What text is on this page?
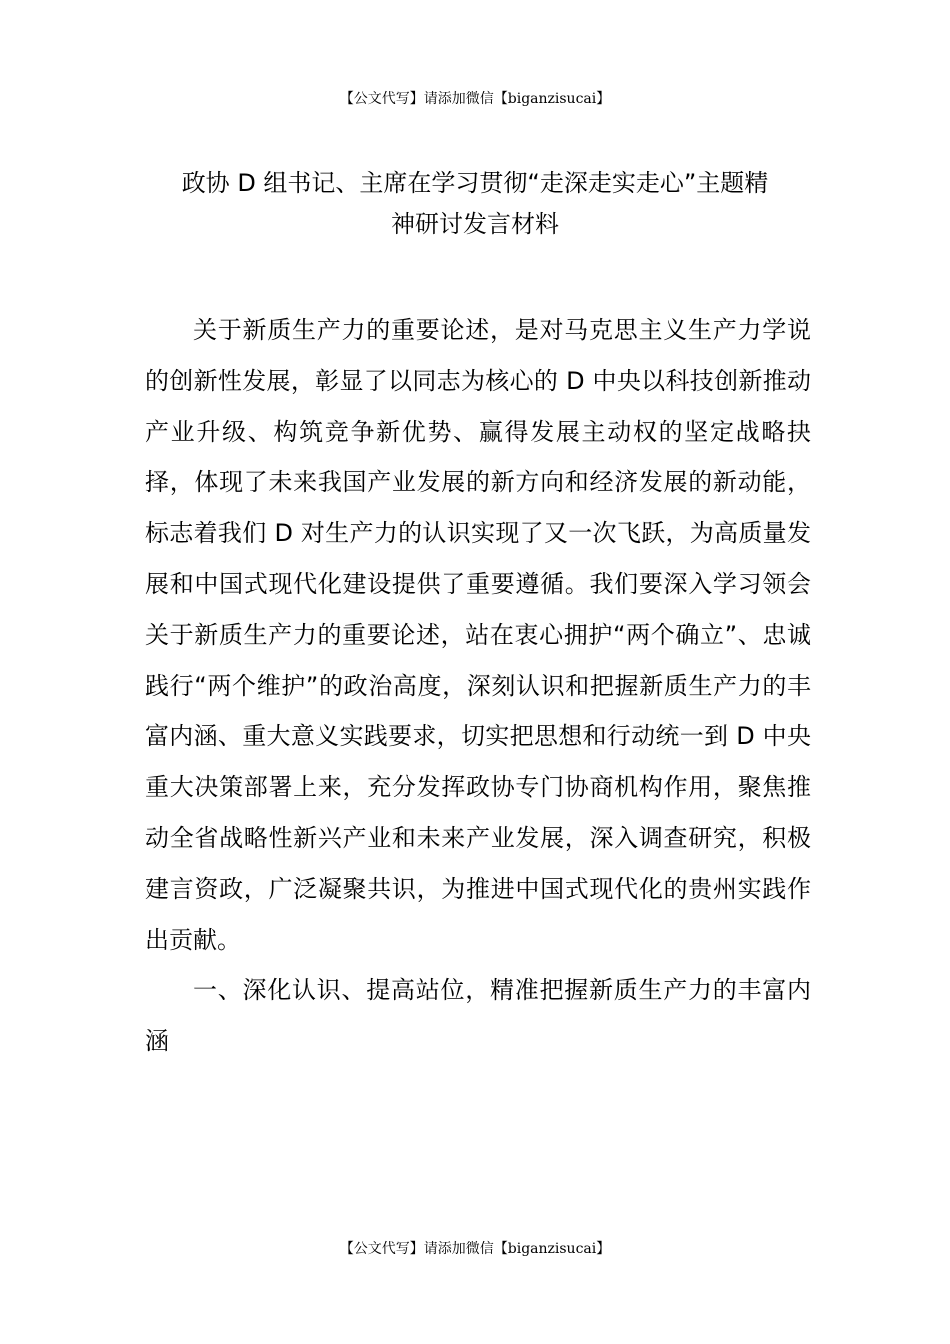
【公文代写】请添加微信【biganzisucai】
政协 D 组书记、主席在学习贯彻“走深走实走心”主题精
神研讨发言材料

关于新质生产力的重要论述，是对马克思主义生产力学说的创新性发展，彰显了以同志为核心的 D 中央以科技创新推动产业升级、构筑竞争新优势、赢得发展主动权的坚定战略抉择，体现了未来我国产业发展的新方向和经济发展的新动能，标志着我们 D 对生产力的认识实现了又一次飞跃，为高质量发展和中国式现代化建设提供了重要遵循。我们要深入学习领会关于新质生产力的重要论述，站在衷心拥护“两个确立”、忠诚践行“两个维护”的政治高度，深刻认识和把握新质生产力的丰富内涵、重大意义实践要求，切实把思想和行动统一到 D 中央重大决策部署上来，充分发挥政协专门协商机构作用，聚焦推动全省战略性新兴产业和未来产业发展，深入调查研究，积极建言资政，广泛凝聚共识，为推进中国式现代化的贵州实践作出贡献。

一、深化认识、提高站位，精准把握新质生产力的丰富内涵

【公文代写】请添加微信【biganzisucai】
